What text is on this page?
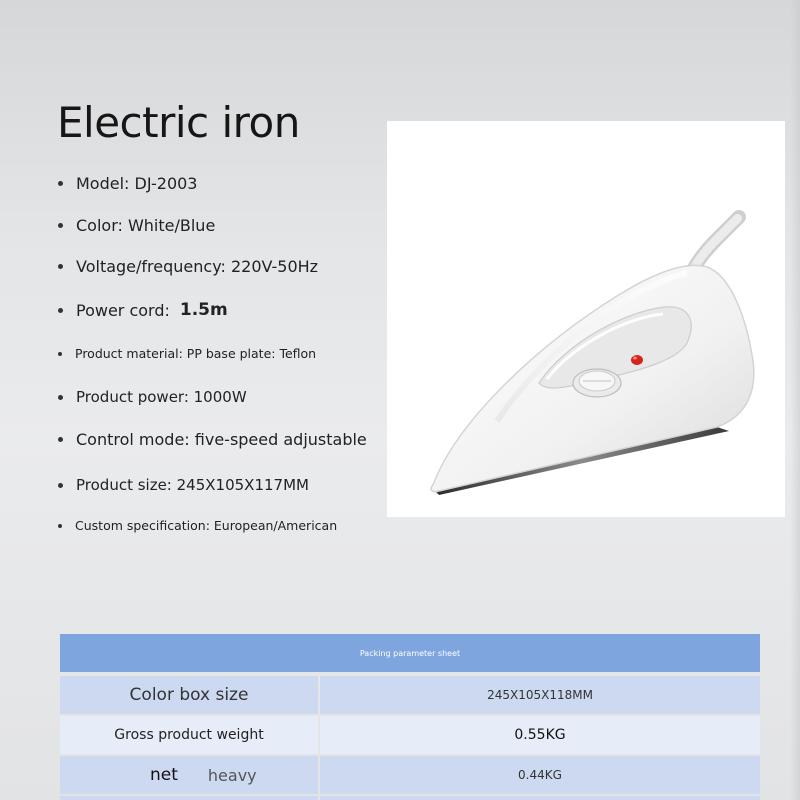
Electric iron
Model: DJ-2003
Color: White/Blue
Voltage/frequency: 220V-50Hz
Power cord: 1.5m
Product material: PP base plate: Teflon
Product power: 1000W
Control mode: five-speed adjustable
Product size: 245X105X117MM
Custom specification: European/American
Packing parameter sheet
Color box size	245X105X118MM
Gross product weight	0.55KG
net heavy	0.44KG
